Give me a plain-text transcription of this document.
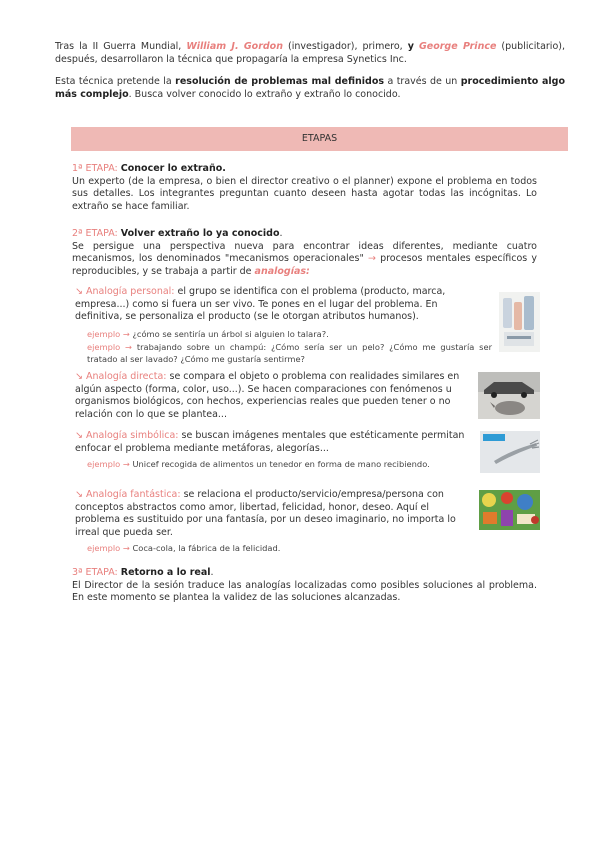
Tras la II Guerra Mundial, William J. Gordon (investigador), primero, y George Prince (publicitario), después, desarrollaron la técnica que propagaría la empresa Synetics Inc.

Esta técnica pretende la resolución de problemas mal definidos a través de un procedimiento algo más complejo. Busca volver conocido lo extraño y extraño lo conocido.

ETAPAS

1ª ETAPA: Conocer lo extraño.
Un experto (de la empresa, o bien el director creativo o el planner) expone el problema en todos sus detalles. Los integrantes preguntan cuanto deseen hasta agotar todas las incógnitas. Lo extraño se hace familiar.

2ª ETAPA: Volver extraño lo ya conocido.
Se persigue una perspectiva nueva para encontrar ideas diferentes, mediante cuatro mecanismos, los denominados "mecanismos operacionales" → procesos mentales específicos y reproducibles, y se trabaja a partir de analogías:

↘ Analogía personal: el grupo se identifica con el problema (producto, marca, empresa...) como si fuera un ser vivo. Te pones en el lugar del problema. En definitiva, se personaliza el producto (se le otorgan atributos humanos).

ejemplo → ¿cómo se sentiría un árbol si alguien lo talara?.

ejemplo → trabajando sobre un champú: ¿Cómo sería ser un pelo? ¿Cómo me gustaría ser tratado al ser lavado? ¿Cómo me gustaría sentirme?

↘ Analogía directa: se compara el objeto o problema con realidades similares en algún aspecto (forma, color, uso...). Se hacen comparaciones con fenómenos u organismos biológicos, con hechos, experiencias reales que pueden tener o no relación con lo que se plantea...

↘ Analogía simbólica: se buscan imágenes mentales que estéticamente permitan enfocar el problema mediante metáforas, alegorías...

ejemplo → Unicef recogida de alimentos un tenedor en forma de mano recibiendo.

↘ Analogía fantástica: se relaciona el producto/servicio/empresa/persona con conceptos abstractos como amor, libertad, felicidad, honor, deseo. Aquí el problema es sustituido por una fantasía, por un deseo imaginario, no importa lo irreal que pueda ser.

ejemplo → Coca-cola, la fábrica de la felicidad.

3ª ETAPA: Retorno a lo real.
El Director de la sesión traduce las analogías localizadas como posibles soluciones al problema. En este momento se plantea la validez de las soluciones alcanzadas.
